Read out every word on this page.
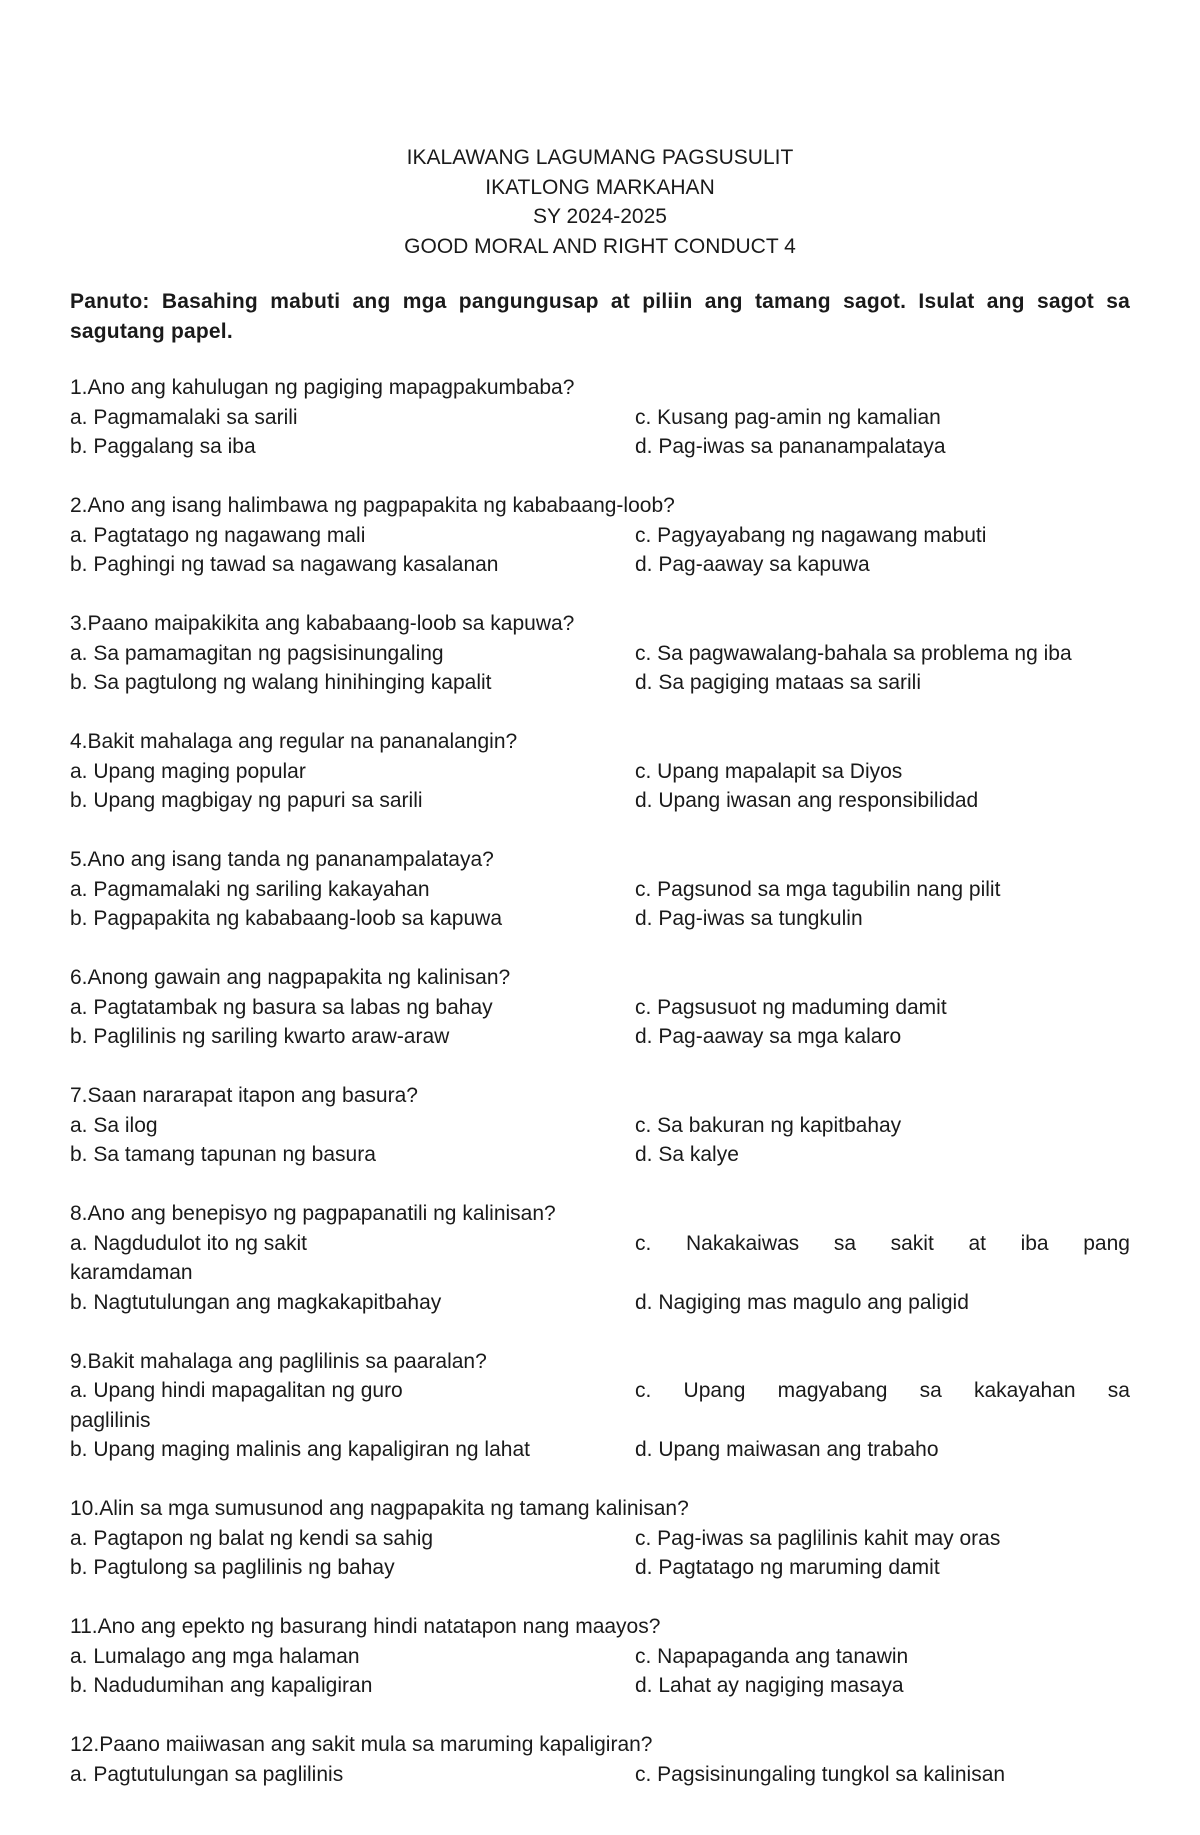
IKALAWANG LAGUMANG PAGSUSULIT
IKATLONG MARKAHAN
SY 2024-2025
GOOD MORAL AND RIGHT CONDUCT 4
Panuto: Basahing mabuti ang mga pangungusap at piliin ang tamang sagot. Isulat ang sagot sa sagutang papel.
1.Ano ang kahulugan ng pagiging mapagpakumbaba?
a. Pagmamalaki sa sarili	c. Kusang pag-amin ng kamalian
b. Paggalang sa iba	d. Pag-iwas sa pananampalataya
2.Ano ang isang halimbawa ng pagpapakita ng kababaang-loob?
a. Pagtatago ng nagawang mali	c. Pagyayabang ng nagawang mabuti
b. Paghingi ng tawad sa nagawang kasalanan	d. Pag-aaway sa kapuwa
3.Paano maipakikita ang kababaang-loob sa kapuwa?
a. Sa pamamagitan ng pagsisinungaling	c. Sa pagwawalang-bahala sa problema ng iba
b. Sa pagtulong ng walang hinihinging kapalit	d. Sa pagiging mataas sa sarili
4.Bakit mahalaga ang regular na pananalangin?
a. Upang maging popular	c. Upang mapalapit sa Diyos
b. Upang magbigay ng papuri sa sarili	d. Upang iwasan ang responsibilidad
5.Ano ang isang tanda ng pananampalataya?
a. Pagmamalaki ng sariling kakayahan	c. Pagsunod sa mga tagubilin nang pilit
b. Pagpapakita ng kababaang-loob sa kapuwa	d. Pag-iwas sa tungkulin
6.Anong gawain ang nagpapakita ng kalinisan?
a. Pagtatambak ng basura sa labas ng bahay	c. Pagsusuot ng maduming damit
b. Paglilinis ng sariling kwarto araw-araw	d. Pag-aaway sa mga kalaro
7.Saan nararapat itapon ang basura?
a. Sa ilog	c. Sa bakuran ng kapitbahay
b. Sa tamang tapunan ng basura	d. Sa kalye
8.Ano ang benepisyo ng pagpapanatili ng kalinisan?
a. Nagdudulot ito ng sakit	c. Nakakaiwas sa sakit at iba pang
karamdaman
b. Nagtutulungan ang magkakapitbahay	d. Nagiging mas magulo ang paligid
9.Bakit mahalaga ang paglilinis sa paaralan?
a. Upang hindi mapagalitan ng guro	c. Upang magyabang sa kakayahan sa
paglilinis
b. Upang maging malinis ang kapaligiran ng lahat	d. Upang maiwasan ang trabaho
10.Alin sa mga sumusunod ang nagpapakita ng tamang kalinisan?
a. Pagtapon ng balat ng kendi sa sahig	c. Pag-iwas sa paglilinis kahit may oras
b. Pagtulong sa paglilinis ng bahay	d. Pagtatago ng maruming damit
11.Ano ang epekto ng basurang hindi natatapon nang maayos?
a. Lumalago ang mga halaman	c. Napapaganda ang tanawin
b. Nadudumihan ang kapaligiran	d. Lahat ay nagiging masaya
12.Paano maiiwasan ang sakit mula sa maruming kapaligiran?
a. Pagtutulungan sa paglilinis	c. Pagsisinungaling tungkol sa kalinisan
